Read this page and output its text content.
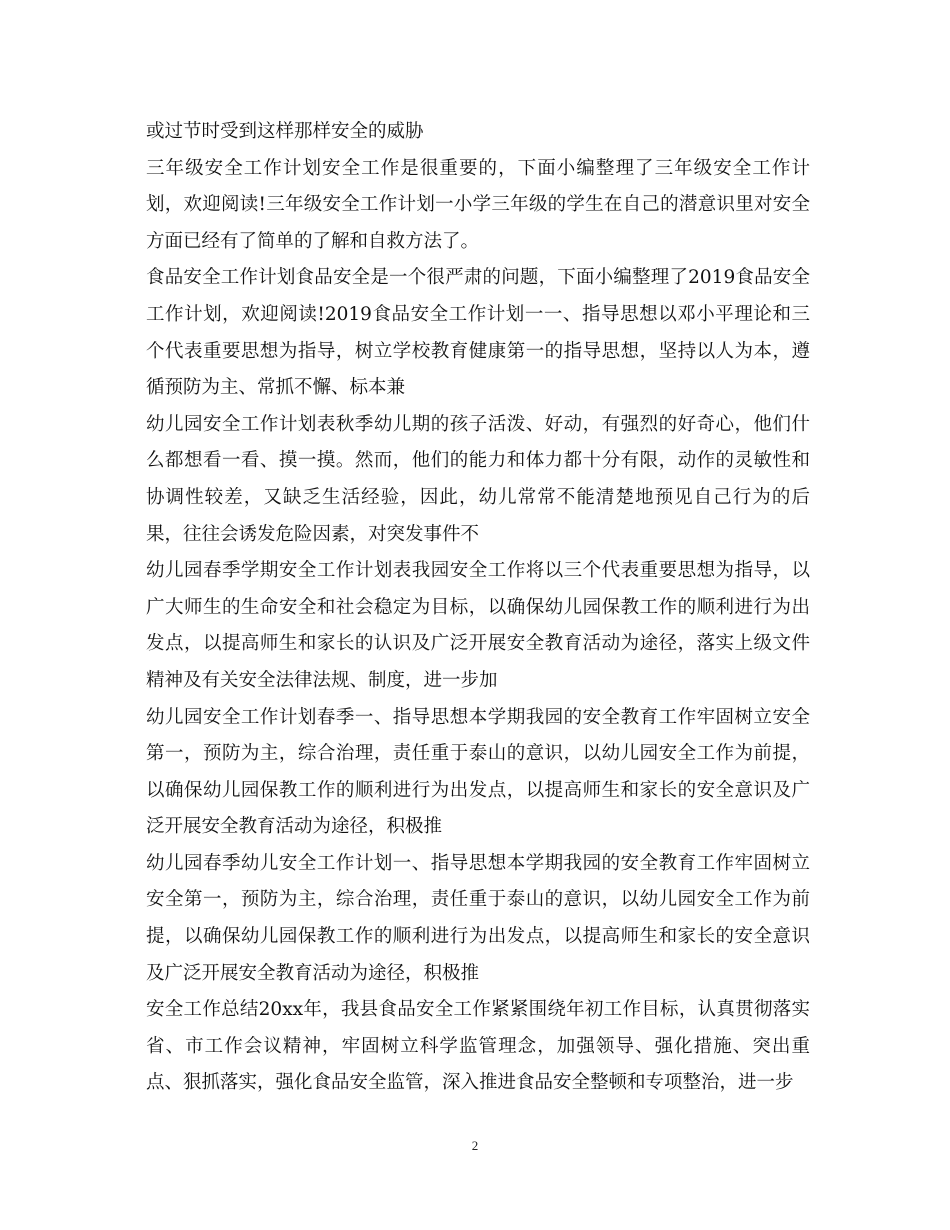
或过节时受到这样那样安全的威胁

三年级安全工作计划安全工作是很重要的，下面小编整理了三年级安全工作计划，欢迎阅读!三年级安全工作计划一小学三年级的学生在自己的潜意识里对安全方面已经有了简单的了解和自救方法了。

食品安全工作计划食品安全是一个很严肃的问题，下面小编整理了2019食品安全工作计划，欢迎阅读!2019食品安全工作计划一一、指导思想以邓小平理论和三个代表重要思想为指导，树立学校教育健康第一的指导思想，坚持以人为本，遵循预防为主、常抓不懈、标本兼

幼儿园安全工作计划表秋季幼儿期的孩子活泼、好动，有强烈的好奇心，他们什么都想看一看、摸一摸。然而，他们的能力和体力都十分有限，动作的灵敏性和协调性较差，又缺乏生活经验，因此，幼儿常常不能清楚地预见自己行为的后果，往往会诱发危险因素，对突发事件不

幼儿园春季学期安全工作计划表我园安全工作将以三个代表重要思想为指导，以广大师生的生命安全和社会稳定为目标，以确保幼儿园保教工作的顺利进行为出发点，以提高师生和家长的认识及广泛开展安全教育活动为途径，落实上级文件精神及有关安全法律法规、制度，进一步加

幼儿园安全工作计划春季一、指导思想本学期我园的安全教育工作牢固树立安全第一，预防为主，综合治理，责任重于泰山的意识，以幼儿园安全工作为前提，以确保幼儿园保教工作的顺利进行为出发点，以提高师生和家长的安全意识及广泛开展安全教育活动为途径，积极推

幼儿园春季幼儿安全工作计划一、指导思想本学期我园的安全教育工作牢固树立安全第一，预防为主，综合治理，责任重于泰山的意识，以幼儿园安全工作为前提，以确保幼儿园保教工作的顺利进行为出发点，以提高师生和家长的安全意识及广泛开展安全教育活动为途径，积极推

安全工作总结20xx年，我县食品安全工作紧紧围绕年初工作目标，认真贯彻落实省、市工作会议精神，牢固树立科学监管理念，加强领导、强化措施、突出重点、狠抓落实，强化食品安全监管，深入推进食品安全整顿和专项整治，进一步

2
